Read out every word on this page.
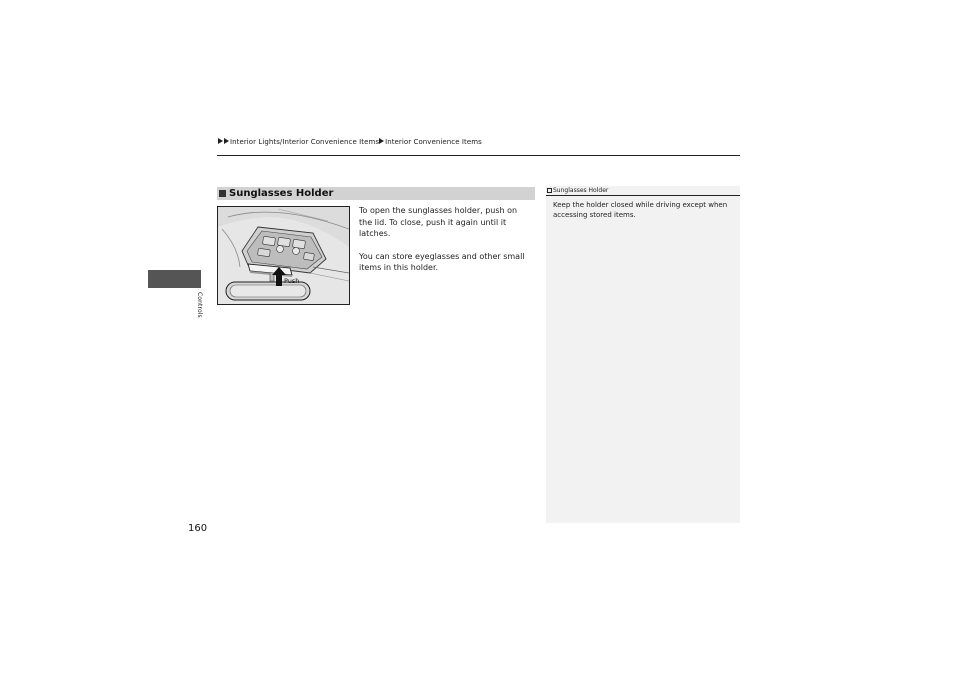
Interior Lights/Interior Convenience Items Interior Convenience Items
Controls
Sunglasses Holder
Push

To open the sunglasses holder, push on the lid. To close, push it again until it latches.

You can store eyeglasses and other small items in this holder.

Sunglasses Holder
Keep the holder closed while driving except when accessing stored items.
160
